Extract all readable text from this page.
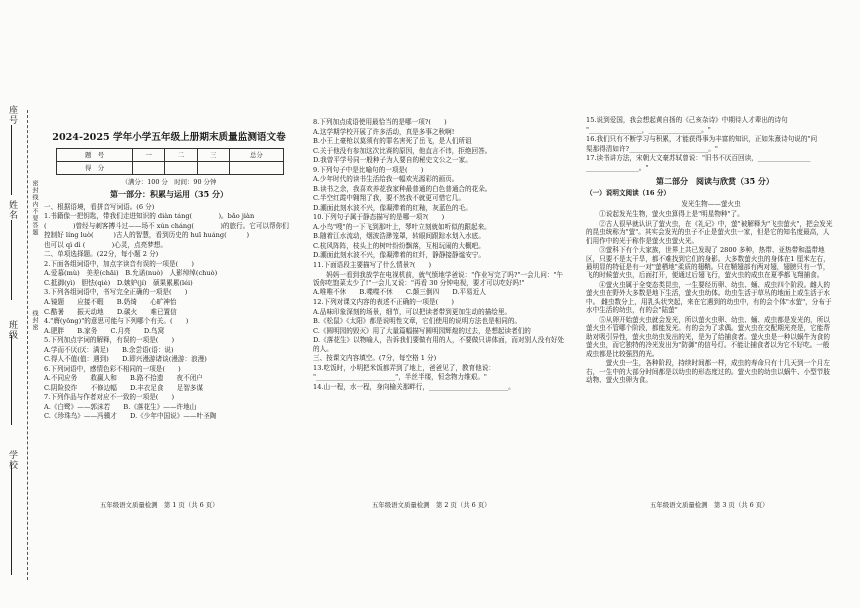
学校
班级
姓名
座号
密封线内不要答题
线封密
2024-2025 学年小学五年级上册期末质量监测语文卷
题　号	一	二	三	总分
得　分				
（满分：100 分　时间：90 分钟
第一部分：积累与运用（35 分）
一、根据语境，看拼音写词语。(6 分)
1.书籍像一把钥匙，带我们走进知识的 diàn táng(　　　　)。bǎo jiàn
(　　　　)曾经与刺客搏斗过——场不 xún cháng(　　　　)的旅行。它可以帮你们
控制好 líng luò(　　　)古人的智慧，看到历史的 huī huáng(　　　)
也可以 qì dì (　　　　)心灵，点亮梦想。
二、单项选择题。(22分，每小题 2 分)
2.下面各组词语中，加点字读音有误的一项是(　　)
A.爱慕(mù)　美差(chāi)　B.允诺(nuò)　人影绰绰(chuò)
C.抵御(yì)　胆怯(qiè)　D.嫉妒(jí)　硕果累累(léi)
3.下列各组词语中，书写完全正确的一项是(　　)
A.镜题　　应接不暇　　B.奶绮　　心旷神怡
C.酷暑　　振天动地　　D.碳火　　难已置信
4."膺(yōng)"的意思可能与下列哪个有关。(　　)
A.肥胖　　B.家务　　C.月亮　　D.鸟窝
5.下列加点字词的解释，有误的一项是(　　)
A.学而不厌(厌：满足)　　B.余尝语(语：说)
C.得人不值(值：遇到)　　D.即兴漫游诸谈(漫游：浪漫)
6.下列词语中，感情色彩不相同的一项是(　　)
A.不同应务　　救赢人和　　B.路不拾遗　　夜不闭户
C.阴险狡诈　　不修边幅　　D.丰衣足食　　足智多谋
7.下列作品与作者对应不一致的一项是(　　)
A.《白鹭》——郭沫若　　B.《落花生》——许地山
C.《珍珠鸟》——冯骥才　　D.《少年中国说》——叶圣陶
五年级语文质量检测　第 1 页（共 6 页）
8.下列加点成语使用最恰当的是哪一项?(　　)
A.这学期学校开展了许多活动，真是多事之秋啊!
B.小王上豪枪以莫须有的罪名害死了岳飞，是人们所诅
C.关于他没有参加这次比赛的原因，他直言不讳，拒绝回答。
D.我曾平学号同一般种子为人要自的秘史文公之一家。
9.下列句子中是比喻句的一项是(　　)
A.少年时代的读书生活给我一幅欢光源彩的画页。
B.读书之余，我喜欢养花我家种最普通的白色普通合的花朵。
C.半空红霞中翱翔了我，要不然我不就更可惜它几。
D.潮面此刻水波不兴，像凝滞着的红釉，灰蓝色的毛。
10.下列句子属于静态描写的是哪一项?(　　)
A.小鸟"嗖"的一下飞到那叶上，琴叶立刻就如听似的跟起来。
B.随着江水流动，烟波浩渺笼罩，转眼间跟踪水划入水底。
C.杭风阵阵，枝头上的树叶纷纷飘落，互相玩闹的大概吧。
D.潮面此刻水波不兴，像凝滞着的红纤，静静接静谧安宁。
11.下面语段主要描写了什么情景?(　　)
　　妈妈一看到我放学在电视机前，就气愤地学爸说："作业写完了吗?"一会儿问："午饭你吃饱菜太少了!"一会儿又说："再看 30 分钟电视，要才可以吃好吗!"
A.唯唯不休　　B.喋喋不休　　C.颠三倒四　　D.平易近人
12.下列对课文内容的表述不正确的一项是(　　)
A.品味印象深刻的场景，细节，可以把读者带到更加生动的描绘里。
B.《松鼠》《太阳》都是说明性文章，它们使用的说明方法也是相同的。
C.《圆明园的毁灭》用了大量篇幅描写圆明园辉煌的过去，是想起读者们的
D.《落花生》以物喻人，告诉我们要做有用的人，不要做只讲体面，而对别人没有好处的人。
三、按课文内容填空。(7分，每空格 1 分)
13.吃饭时，小明把米饭都弄到了地上，爸爸见了，教育他说：
"________________________"，半丝半缕，恒念物力维艰。"
14.山一程，水一程，身向榆关那畔行，________________________。
五年级语文质量检测　第 2 页（共 6 页）
15.说到爱国，我会想起黄自扬的《己亥杂诗》中期待人才辈出的诗句
"________________，________________。"
16.我们只有不断学习与积累，才能获得事为丰富的知识，正如朱熹诗句说的"问
渠那得清如许?________________________。"
17.读书讲方法，宋朝大文豪苏轼曾说："旧书不厌百回读，________________
________________。"
第二部分　阅读与欣赏（35 分）
（一）说明文阅读（16 分）
发光生物——萤火虫
　　①说起发光生物，萤火虫算得上是"明星物种"了。
　　②古人很早就认识了萤火虫，在《礼记》中，萤"被解释为"飞虫萤火"，把会发光的昆虫统称为"萤"。其实会发光的虫子不止是萤火虫一家，但是它的知名度最高，人们用作中的光于称作是萤火虫萤火光。
　　③萤科下有个大家族，世界上共已发现了 2800 多种，热带、亚热带和温带地区，只要不是太干旱，都不难找到它们的身影。大多数萤火虫的身体在1 厘米左右，最明显的特征是有一对"萤栖地"柔质的翅鞘。只在鞘翅部有两对翅，翅膀只有一节，飞的时候萤火虫，后面打开，便通过后翅飞行，萤火虫的成虫在夏季都飞翔捕食。
　　④萤火虫属于全变态类昆虫，一生要经历卵、幼虫、蛹、成虫四个阶段。雌人的萤火虫在野外大多数是地下生活，萤火虫幼体。幼虫生活于草丛的地面上或生活于水中。 雌虫数分上，用乳头状突起，来在它遇到的幼虫中，有的会个体"水萤"，分布于水中生活的幼虫，有的会"陆萤"
　　⑤从卵开始萤火虫就会发光，所以萤火虫卵、幼虫、蛹、成虫都是发光的，所以萤火虫不管哪个阶段，都能发光。有的会为了求偶。萤火虫在交配期光亮是，它能帮助对吸引异性，萤火虫幼虫发出的光，是为了给捕食者。萤火虫是一种以蜗牛为食的萤火虫，而它独特的冷光发出为"防御"的信号灯。不能让捕食者以为它不好吃。一般成虫都是比较强烈的光。
　　　萤火虫一生，各种阶段，持续时间都一样，成虫的寿命只有十几天到一个月左右，一生中的大部分时间都是以幼虫的形态度过的。萤火虫的幼虫以蜗牛、小型节肢动物、萤火虫卵为食。
五年级语文质量检测　第 3 页（共 6 页）
